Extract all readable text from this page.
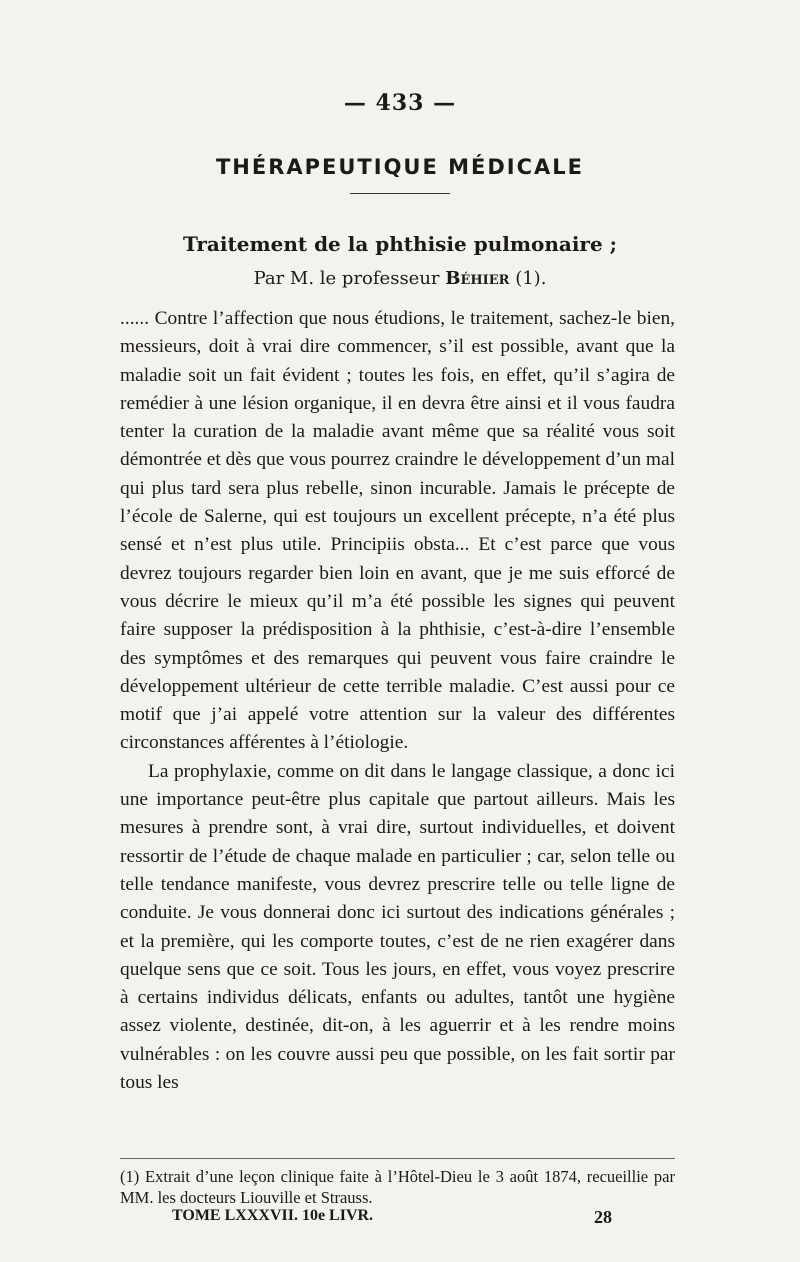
— 433 —
THÉRAPEUTIQUE MÉDICALE
Traitement de la phthisie pulmonaire ;
Par M. le professeur Béhier (1).

...... Contre l’affection que nous étudions, le traitement, sachez-le bien, messieurs, doit à vrai dire commencer, s’il est possible, avant que la maladie soit un fait évident ; toutes les fois, en effet, qu’il s’agira de remédier à une lésion organique, il en devra être ainsi et il vous faudra tenter la curation de la maladie avant même que sa réalité vous soit démontrée et dès que vous pourrez craindre le développement d’un mal qui plus tard sera plus rebelle, sinon incurable. Jamais le précepte de l’école de Salerne, qui est toujours un excellent précepte, n’a été plus sensé et n’est plus utile. Principiis obsta... Et c’est parce que vous devrez toujours regarder bien loin en avant, que je me suis efforcé de vous décrire le mieux qu’il m’a été possible les signes qui peuvent faire supposer la prédisposition à la phthisie, c’est-à-dire l’ensemble des symptômes et des remarques qui peuvent vous faire craindre le développement ultérieur de cette terrible maladie. C’est aussi pour ce motif que j’ai appelé votre attention sur la valeur des différentes circonstances afférentes à l’étiologie.

La prophylaxie, comme on dit dans le langage classique, a donc ici une importance peut-être plus capitale que partout ailleurs. Mais les mesures à prendre sont, à vrai dire, surtout individuelles, et doivent ressortir de l’étude de chaque malade en particulier ; car, selon telle ou telle tendance manifeste, vous devrez prescrire telle ou telle ligne de conduite. Je vous donnerai donc ici surtout des indications générales ; et la première, qui les comporte toutes, c’est de ne rien exagérer dans quelque sens que ce soit. Tous les jours, en effet, vous voyez prescrire à certains individus délicats, enfants ou adultes, tantôt une hygiène assez violente, destinée, dit-on, à les aguerrir et à les rendre moins vulnérables : on les couvre aussi peu que possible, on les fait sortir par tous les

(1) Extrait d’une leçon clinique faite à l’Hôtel-Dieu le 3 août 1874, recueillie par MM. les docteurs Liouville et Strauss.
TOME LXXXVII. 10e LIVR.	28
